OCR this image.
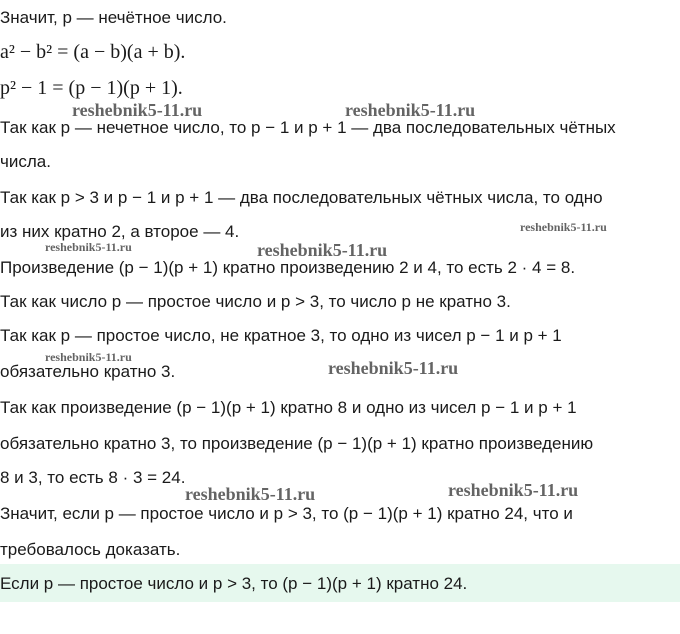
Значит, p — нечётное число.
a² − b² = (a − b)(a + b).
p² − 1 = (p − 1)(p + 1).
Так как p — нечетное число, то p − 1 и p + 1 — два последовательных чётных
числа.
Так как p > 3 и p − 1 и p + 1 — два последовательных чётных числа, то одно
из них кратно 2, а второе — 4.
Произведение (p − 1)(p + 1) кратно произведению 2 и 4, то есть 2 · 4 = 8.
Так как число p — простое число и p > 3, то число p не кратно 3.
Так как p — простое число, не кратное 3, то одно из чисел p − 1 и p + 1
обязательно кратно 3.
Так как произведение (p − 1)(p + 1) кратно 8 и одно из чисел p − 1 и p + 1
обязательно кратно 3, то произведение (p − 1)(p + 1) кратно произведению
8 и 3, то есть 8 · 3 = 24.
Значит, если p — простое число и p > 3, то (p − 1)(p + 1) кратно 24, что и
требовалось доказать.
Если p — простое число и p > 3, то (p − 1)(p + 1) кратно 24.
reshebnik5-11.ru	reshebnik5-11.ru
reshebnik5-11.ru
reshebnik5-11.ru	reshebnik5-11.ru
reshebnik5-11.ru
reshebnik5-11.ru
reshebnik5-11.ru	reshebnik5-11.ru
